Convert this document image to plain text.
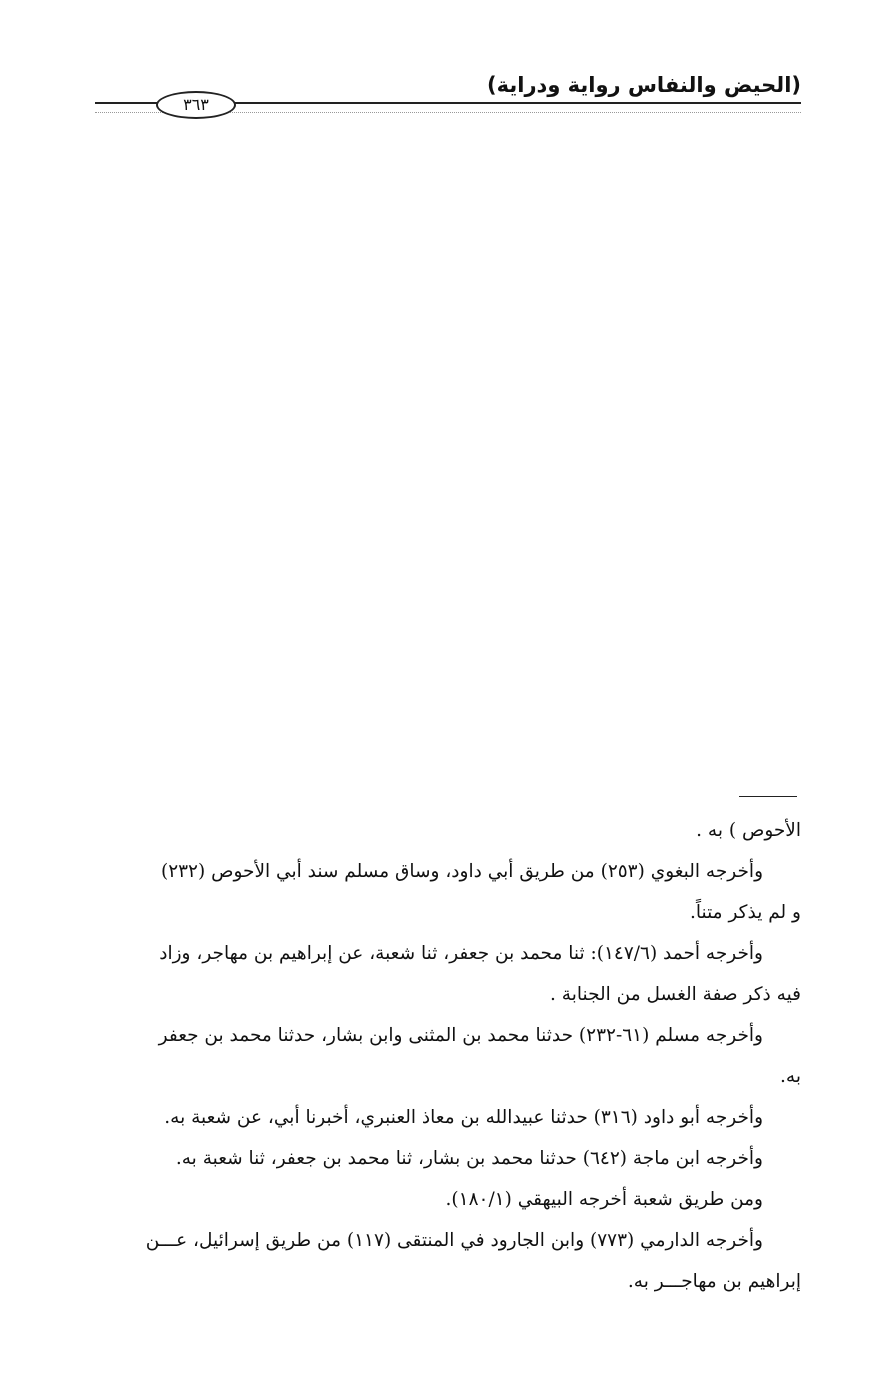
(الحيض والنفاس رواية ودراية)
٣٦٣
الأحوص ) به .
وأخرجه البغوي (٢٥٣) من طريق أبي داود، وساق مسلم سند أبي الأحوص (٢٣٢)
و لم يذكر متناً.
وأخرجه أحمد (١٤٧/٦): ثنا محمد بن جعفر، ثنا شعبة، عن إبراهيم بن مهاجر، وزاد
فيه ذكر صفة الغسل من الجنابة .
وأخرجه مسلم (٦١-٢٣٢) حدثنا محمد بن المثنى وابن بشار، حدثنا محمد بن جعفر
به.
وأخرجه أبو داود (٣١٦) حدثنا عبيدالله بن معاذ العنبري، أخبرنا أبي، عن شعبة به.
وأخرجه ابن ماجة (٦٤٢) حدثنا محمد بن بشار، ثنا محمد بن جعفر، ثنا شعبة به.
ومن طريق شعبة أخرجه البيهقي (١٨٠/١).
وأخرجه الدارمي (٧٧٣) وابن الجارود في المنتقى (١١٧) من طريق إسرائيل، عـــن
إبراهيم بن مهاجـــر به.
